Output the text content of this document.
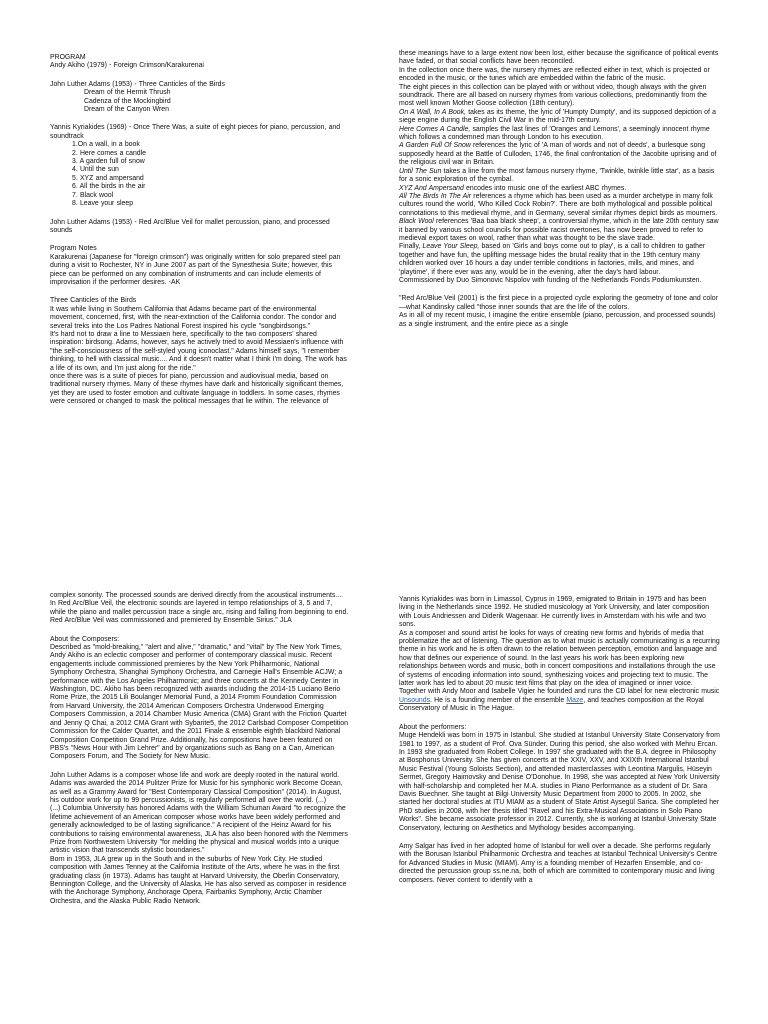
PROGRAM

Andy Akiho (1979) - Foreign Crimson/Karakurenai

John Luther Adams (1953) - Three Canticles of the Birds

Dream of the Hermit Thrush

Cadenza of the Mockingbird

Dream of the Canyon Wren

Yannis Kyriakides (1969) - Once There Was, a suite of eight pieces for piano, percussion, and soundtrack

1.On a wall, in a book

2. Here comes a candle

3. A garden full of snow

4. Until the sun

5. XYZ and ampersand

6. All the birds in the air

7. Black wool

8. Leave your sleep

John Luther Adams (1953) - Red Arc/Blue Veil for mallet percussion, piano, and processed sounds

Program Notes

Karakurenai (Japanese for "foreign crimson") was originally written for solo prepared steel pan during a visit to Rochester, NY in June 2007 as part of the Synesthesia Suite; however, this piece can be performed on any combination of instruments and can include elements of improvisation if the performer desires. -AK

Three Canticles of the Birds

It was while living in Southern California that Adams became part of the environmental movement, concerned, first, with the near-extinction of the California condor. The condor and several treks into the Los Padres National Forest inspired his cycle "songbirdsongs."

It's hard not to draw a line to Messiaen here, specifically to the two composers' shared inspiration: birdsong. Adams, however, says he actively tried to avoid Messiaen's influence with "the self-consciousness of the self-styled young iconoclast." Adams himself says, "I remember thinking, to hell with classical music.... And it doesn't matter what I think I'm doing. The work has a life of its own, and I'm just along for the ride."

once there was is a suite of pieces for piano, percussion and audiovisual media, based on traditional nursery rhymes. Many of these rhymes have dark and historically significant themes, yet they are used to foster emotion and cultivate language in toddlers. In some cases, rhymes were censored or changed to mask the political messages that lie within. The relevance of

these meanings have to a large extent now been lost, either because the significance of political events have faded, or that social conflicts have been reconciled.

In the collection once there was, the nursery rhymes are reflected either in text, which is projected or encoded in the music, or the tunes which are embedded within the fabric of the music.

The eight pieces in this collection can be played with or without video, though always with the given soundtrack. There are all based on nursery rhymes from various collections, predominantly from the most well known Mother Goose collection (18th century).

On A Wall, In A Book, takes as its theme, the lyric of 'Humpty Dumpty', and its supposed depiction of a siege engine during the English Civil War in the mid-17th century.

Here Comes A Candle, samples the last lines of 'Oranges and Lemons', a seemingly innocent rhyme which follows a condemned man through London to his execution.

A Garden Full Of Snow references the lyric of 'A man of words and not of deeds', a burlesque song supposedly heard at the Battle of Culloden, 1746, the final confrontation of the Jacobite uprising and of the religious civil war in Britain.

Until The Sun takes a line from the most famous nursery rhyme, 'Twinkle, twinkle little star', as a basis for a sonic exploration of the cymbal.

XYZ And Ampersand encodes into music one of the earliest ABC rhymes.

All The Birds In The Air references a rhyme which has been used as a murder archetype in many folk cultures round the world, 'Who Killed Cock Robin?'. There are both mythological and possible political connotations to this medieval rhyme, and in Germany, several similar rhymes depict birds as mourners.

Black Wool references 'Baa baa black sheep', a controversial rhyme, which in the late 20th century saw it banned by various school councils for possible racist overtones, has now been proved to refer to medieval export taxes on wool, rather than what was thought to be the slave trade.

Finally, Leave Your Sleep, based on 'Girls and boys come out to play', is a call to children to gather together and have fun, the uplifting message hides the brutal reality that in the 19th century many children worked over 16 hours a day under terrible conditions in factories, mills, and mines, and 'playtime', if there ever was any, would be in the evening, after the day's hard labour.

Commissioned by Duo Simonovic Nspolov with funding of the Netherlands Fonds Podiumkunsten.

"Red Arc/Blue Veil (2001) is the first piece in a projected cycle exploring the geometry of tone and color—what Kandinsky called "those inner sounds that are the life of the colors.

As in all of my recent music, I imagine the entire ensemble (piano, percussion, and processed sounds) as a single instrument, and the entire piece as a single

complex sonority. The processed sounds are derived directly from the acoustical instruments.... In Red Arc/Blue Veil, the electronic sounds are layered in tempo relationships of 3, 5 and 7, while the piano and mallet percussion trace a single arc, rising and falling from beginning to end.

Red Arc/Blue Veil was commissioned and premiered by Ensemble Sirius." JLA

About the Composers:

Described as "mold-breaking," "alert and alive," "dramatic," and "vital" by The New York Times, Andy Akiho is an eclectic composer and performer of contemporary classical music. Recent engagements include commissioned premieres by the New York Philharmonic, National Symphony Orchestra, Shanghai Symphony Orchestra, and Carnegie Hall's Ensemble ACJW; a performance with the Los Angeles Philharmonic; and three concerts at the Kennedy Center in Washington, DC. Akiho has been recognized with awards including the 2014-15 Luciano Berio Rome Prize, the 2015 Lili Boulanger Memorial Fund, a 2014 Fromm Foundation Commission from Harvard University, the 2014 American Composers Orchestra Underwood Emerging Composers Commission, a 2014 Chamber Music America (CMA) Grant with the Friction Quartet and Jenny Q Chai, a 2012 CMA Grant with Sybarite5, the 2012 Carlsbad Composer Competition Commission for the Calder Quartet, and the 2011 Finale & ensemble eighth blackbird National Composition Competition Grand Prize. Additionally, his compositions have been featured on PBS's "News Hour with Jim Lehrer" and by organizations such as Bang on a Can, American Composers Forum, and The Society for New Music.

John Luther Adams is a composer whose life and work are deeply rooted in the natural world. Adams was awarded the 2014 Pulitzer Prize for Music for his symphonic work Become Ocean, as well as a Grammy Award for "Best Contemporary Classical Composition" (2014). In August, his outdoor work for up to 99 percussionists, is regularly performed all over the world. (...)

(...) Columbia University has honored Adams with the William Schuman Award "to recognize the lifetime achievement of an American composer whose works have been widely performed and generally acknowledged to be of lasting significance." A recipient of the Heinz Award for his contributions to raising environmental awareness, JLA has also been honored with the Nemmers Prize from Northwestern University "for melding the physical and musical worlds into a unique artistic vision that transcends stylistic boundaries."

Born in 1953, JLA grew up in the South and in the suburbs of New York City. He studied composition with James Tenney at the California Institute of the Arts, where he was in the first graduating class (in 1973). Adams has taught at Harvard University, the Oberlin Conservatory, Bennington College, and the University of Alaska. He has also served as composer in residence with the Anchorage Symphony, Anchorage Opera, Fairbanks Symphony, Arctic Chamber Orchestra, and the Alaska Public Radio Network.

Yannis Kyriakides was born in Limassol, Cyprus in 1969, emigrated to Britain in 1975 and has been living in the Netherlands since 1992. He studied musicology at York University, and later composition with Louis Andriessen and Diderik Wagenaar. He currently lives in Amsterdam with his wife and two sons.

As a composer and sound artist he looks for ways of creating new forms and hybrids of media that problematize the act of listening. The question as to what music is actually communicating is a recurring theme in his work and he is often drawn to the relation between perception, emotion and language and how that defines our experience of sound. In the last years his work has been exploring new relationships between words and music, both in concert compositions and installations through the use of systems of encoding information into sound, synthesizing voices and projecting text to music. The latter work has led to about 20 music text films that play on the idea of imagined or inner voice.

Together with Andy Moor and Isabelle Vigier he founded and runs the CD label for new electronic music Unsounds. He is a founding member of the ensemble Maze, and teaches composition at the Royal Conservatory of Music in The Hague.

About the performers:

Muge Hendekli was born in 1975 in Istanbul. She studied at Istanbul University State Conservatory from 1981 to 1997, as a student of Prof. Ova Sünder. During this period, she also worked with Mehru Ercan. In 1993 she graduated from Robert College. In 1997 she graduated with the B.A. degree in Philosophy at Bosphorus University. She has given concerts at the XXIV, XXV, and XXIXth International Istanbul Music Festival (Young Soloists Section), and attended masterclasses with Leontina Margulis, Hüseyin Sermet, Gregory Haimovsky and Denise O'Donohue. In 1998, she was accepted at New York University with half-scholarship and completed her M.A. studies in Piano Performance as a student of Dr. Sara Davis Buechner. She taught at Bilgi University Music Department from 2000 to 2005. In 2002, she started her doctoral studies at ITU MIAM as a student of State Artist Aysegül Sarica. She completed her PhD studies in 2008, with her thesis titled "Ravel and his Extra-Musical Associations in Solo Piano Works". She became associate professor in 2012. Currently, she is working at Istanbul University State Conservatory, lecturing on Aesthetics and Mythology besides accompanying.

Amy Salgar has lived in her adopted home of Istanbul for well over a decade. She performs regularly with the Borusan Istanbul Philharmonic Orchestra and teaches at Istanbul Technical University's Centre for Advanced Studies in Music (MIAM). Amy is a founding member of Hezarfen Ensemble, and co-directed the percussion group ss.ne.na, both of which are committed to contemporary music and living composers. Never content to identify with a
